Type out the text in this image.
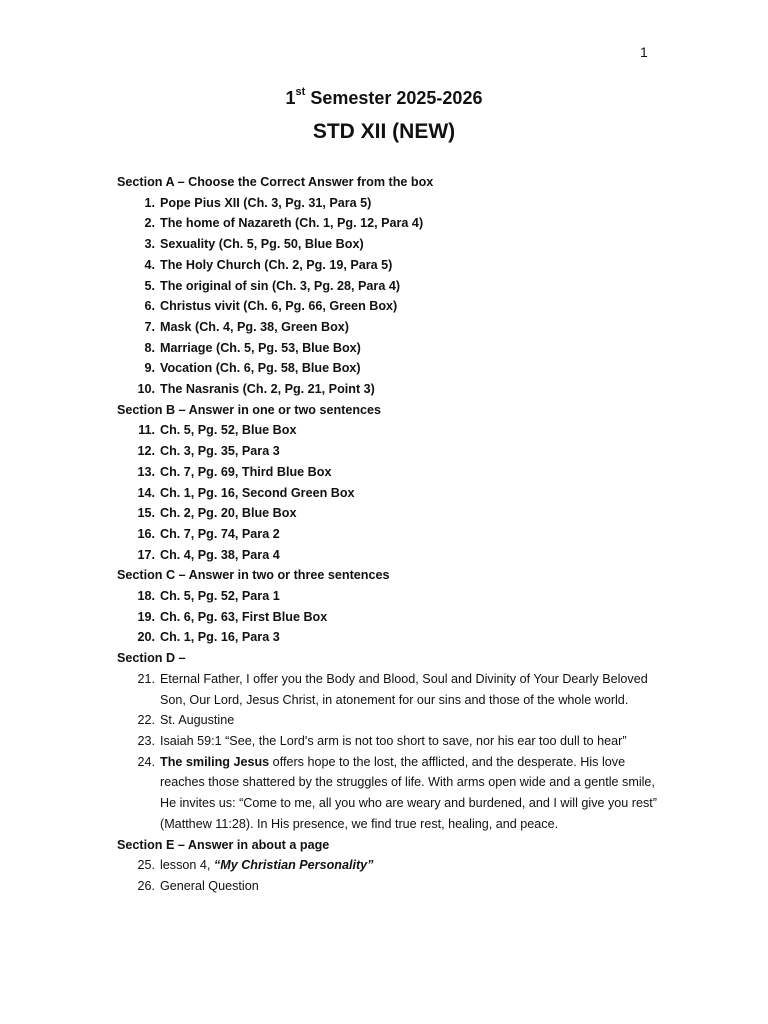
1
1st Semester 2025-2026
STD XII (NEW)
Section A – Choose the Correct Answer from the box
1. Pope Pius XII (Ch. 3, Pg. 31, Para 5)
2. The home of Nazareth (Ch. 1, Pg. 12, Para 4)
3. Sexuality (Ch. 5, Pg. 50, Blue Box)
4. The Holy Church (Ch. 2, Pg. 19, Para 5)
5. The original of sin (Ch. 3, Pg. 28, Para 4)
6. Christus vivit (Ch. 6, Pg. 66, Green Box)
7. Mask (Ch. 4, Pg. 38, Green Box)
8. Marriage (Ch. 5, Pg. 53, Blue Box)
9. Vocation (Ch. 6, Pg. 58, Blue Box)
10. The Nasranis (Ch. 2, Pg. 21, Point 3)
Section B – Answer in one or two sentences
11. Ch. 5, Pg. 52, Blue Box
12. Ch. 3, Pg. 35, Para 3
13. Ch. 7, Pg. 69, Third Blue Box
14. Ch. 1, Pg. 16, Second Green Box
15. Ch. 2, Pg. 20, Blue Box
16. Ch. 7, Pg. 74, Para 2
17. Ch. 4, Pg. 38, Para 4
Section C – Answer in two or three sentences
18. Ch. 5, Pg. 52, Para 1
19. Ch. 6, Pg. 63, First Blue Box
20. Ch. 1, Pg. 16, Para 3
Section D –
21. Eternal Father, I offer you the Body and Blood, Soul and Divinity of Your Dearly Beloved Son, Our Lord, Jesus Christ, in atonement for our sins and those of the whole world.
22. St. Augustine
23. Isaiah 59:1 “See, the Lord's arm is not too short to save, nor his ear too dull to hear”
24. The smiling Jesus offers hope to the lost, the afflicted, and the desperate. His love reaches those shattered by the struggles of life. With arms open wide and a gentle smile, He invites us: “Come to me, all you who are weary and burdened, and I will give you rest” (Matthew 11:28). In His presence, we find true rest, healing, and peace.
Section E – Answer in about a page
25. lesson 4, “My Christian Personality”
26. General Question
